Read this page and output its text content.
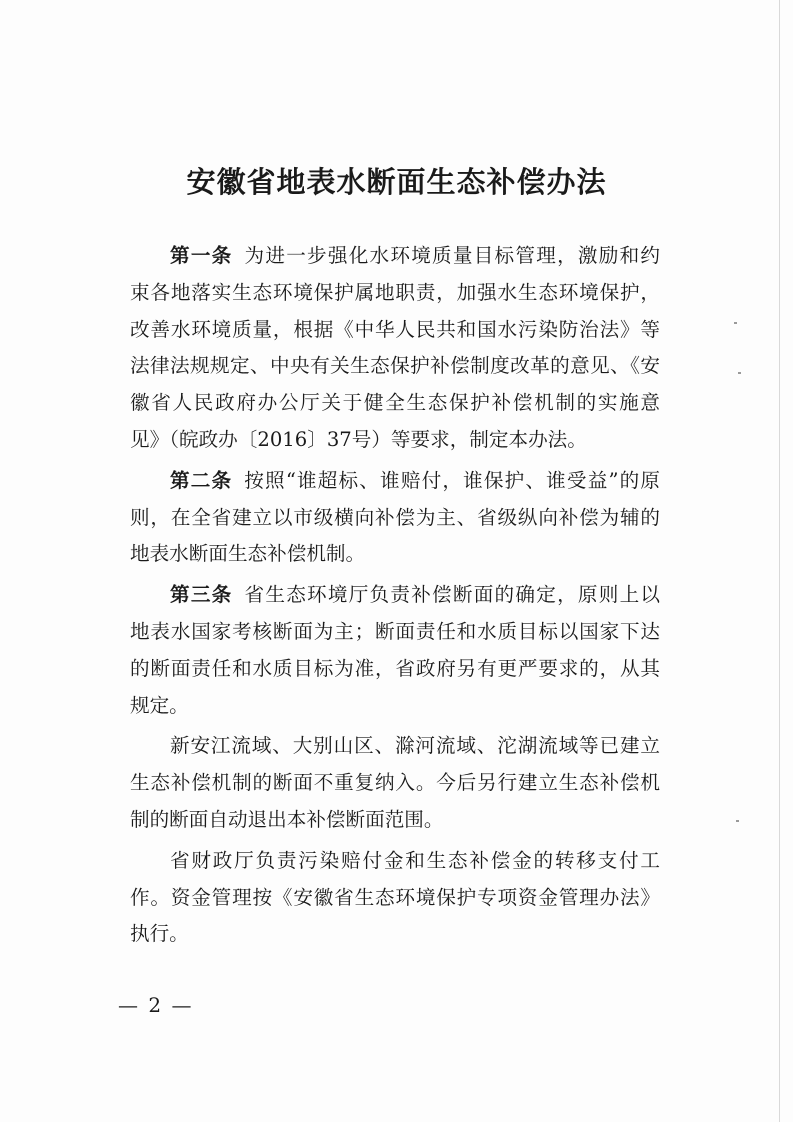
安徽省地表水断面生态补偿办法
第一条 为进一步强化水环境质量目标管理，激励和约
束各地落实生态环境保护属地职责，加强水生态环境保护，
改善水环境质量，根据《中华人民共和国水污染防治法》等
法律法规规定、中央有关生态保护补偿制度改革的意见、《安
徽省人民政府办公厅关于健全生态保护补偿机制的实施意
见》（皖政办〔2016〕37号）等要求，制定本办法。
第二条 按照“谁超标、谁赔付，谁保护、谁受益”的原
则，在全省建立以市级横向补偿为主、省级纵向补偿为辅的
地表水断面生态补偿机制。
第三条 省生态环境厅负责补偿断面的确定，原则上以
地表水国家考核断面为主；断面责任和水质目标以国家下达
的断面责任和水质目标为准，省政府另有更严要求的，从其
规定。
新安江流域、大别山区、滁河流域、沱湖流域等已建立
生态补偿机制的断面不重复纳入。今后另行建立生态补偿机
制的断面自动退出本补偿断面范围。
省财政厅负责污染赔付金和生态补偿金的转移支付工
作。资金管理按《安徽省生态环境保护专项资金管理办法》
执行。
— 2 —
